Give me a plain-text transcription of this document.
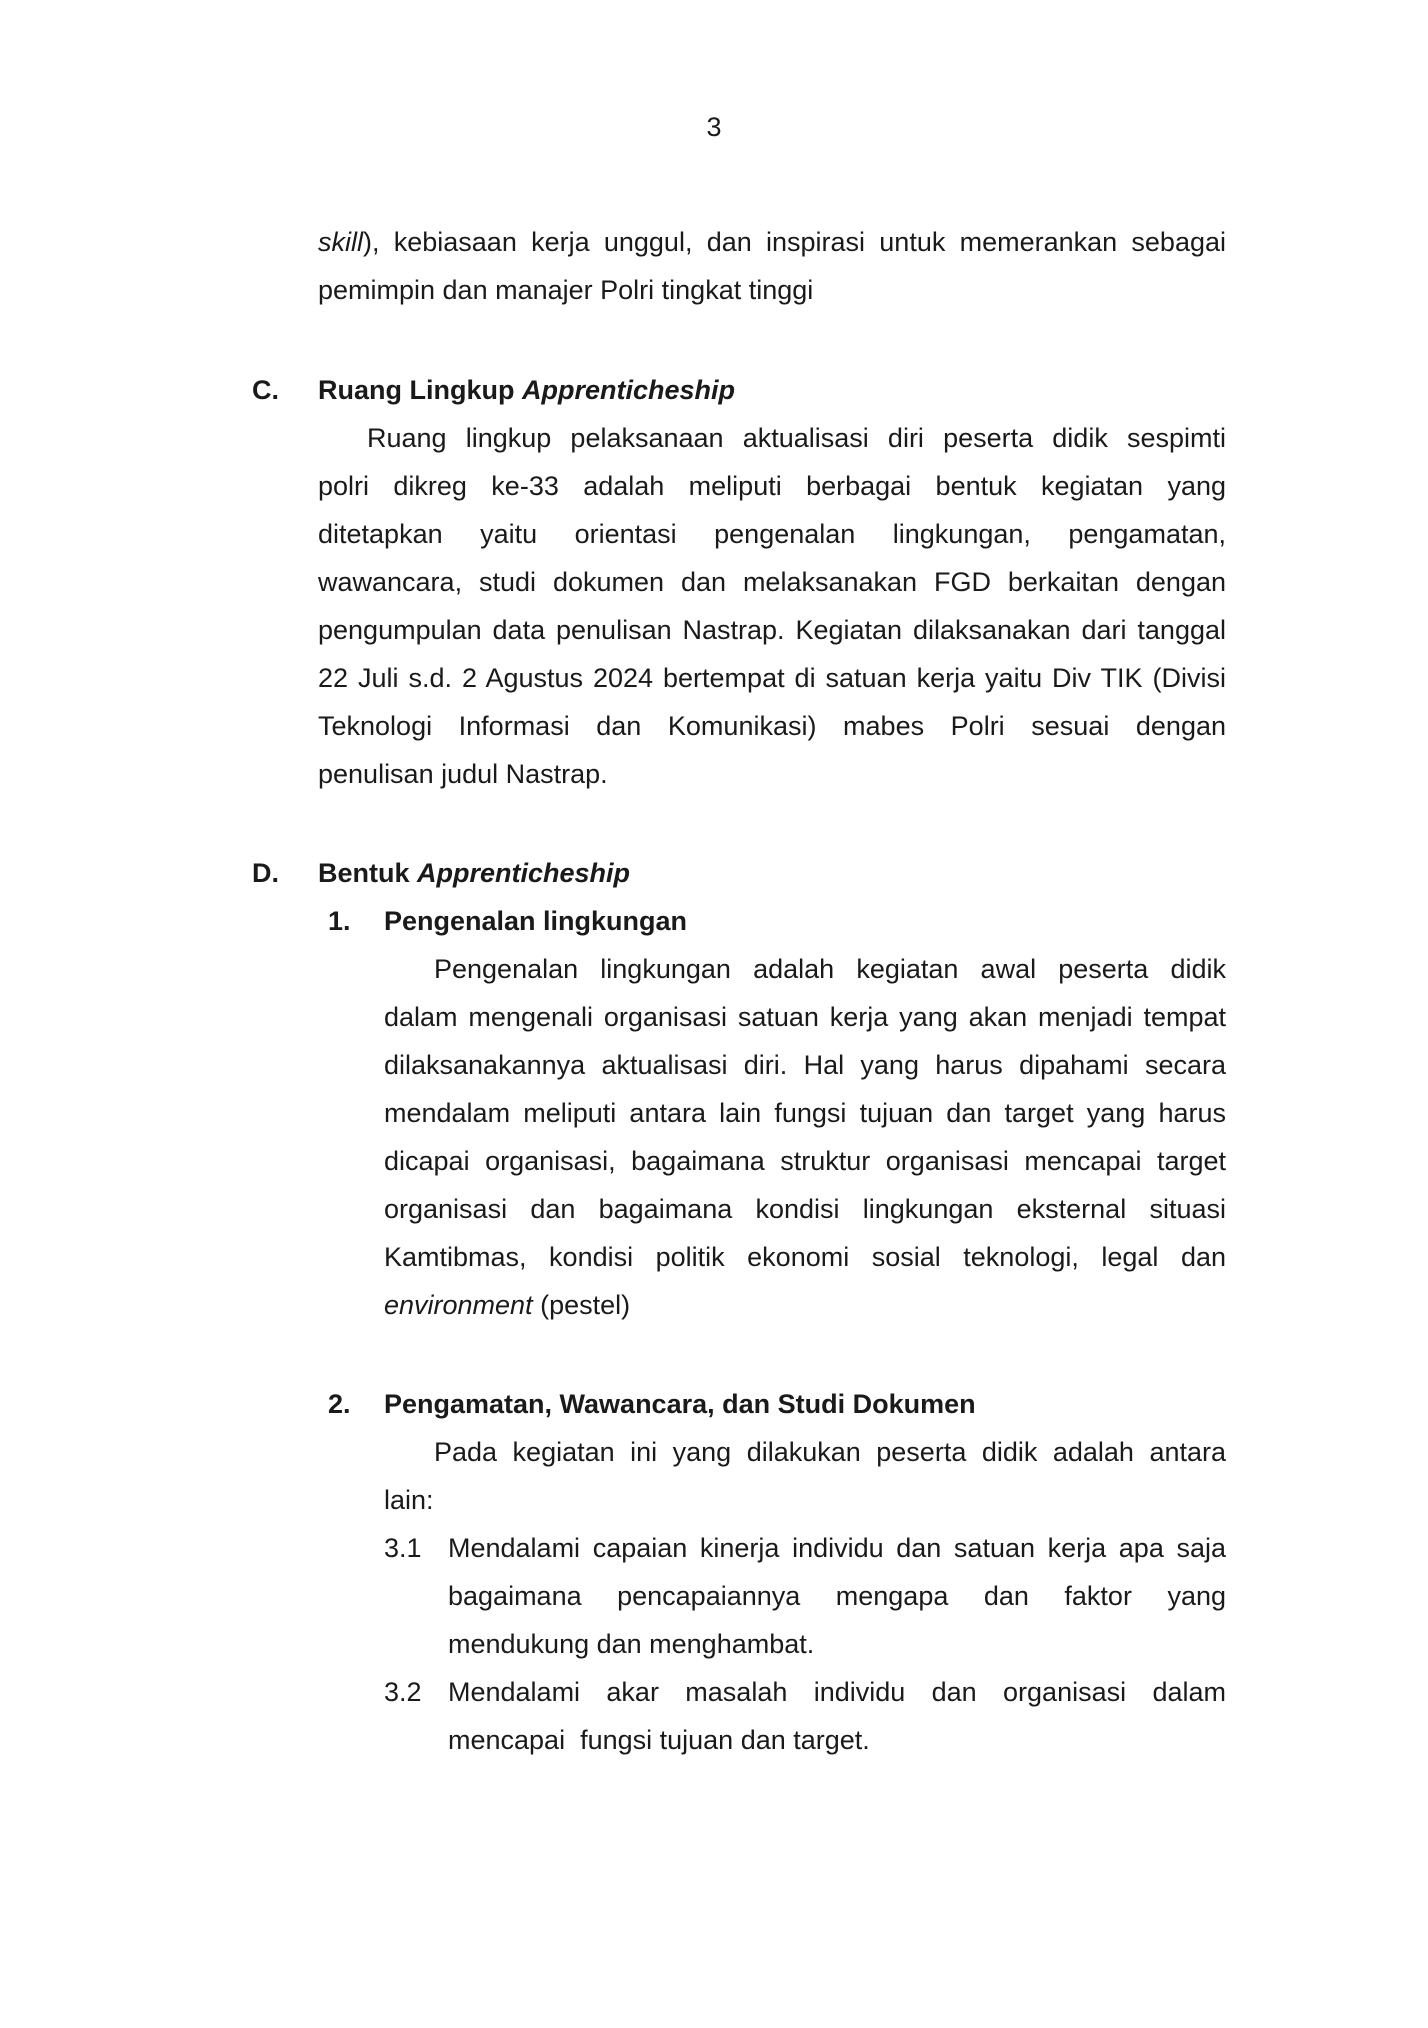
3
skill), kebiasaan kerja unggul, dan inspirasi untuk memerankan sebagai
pemimpin dan manajer Polri tingkat tinggi
C. Ruang Lingkup Apprenticheship
Ruang lingkup pelaksanaan aktualisasi diri peserta didik sespimti
polri dikreg ke-33 adalah meliputi berbagai bentuk kegiatan yang
ditetapkan yaitu orientasi pengenalan lingkungan, pengamatan,
wawancara, studi dokumen dan melaksanakan FGD berkaitan dengan
pengumpulan data penulisan Nastrap. Kegiatan dilaksanakan dari tanggal
22 Juli s.d. 2 Agustus 2024 bertempat di satuan kerja yaitu Div TIK (Divisi
Teknologi Informasi dan Komunikasi) mabes Polri sesuai dengan
penulisan judul Nastrap.
D. Bentuk Apprenticheship
1. Pengenalan lingkungan
Pengenalan lingkungan adalah kegiatan awal peserta didik
dalam mengenali organisasi satuan kerja yang akan menjadi tempat
dilaksanakannya aktualisasi diri. Hal yang harus dipahami secara
mendalam meliputi antara lain fungsi tujuan dan target yang harus
dicapai organisasi, bagaimana struktur organisasi mencapai target
organisasi dan bagaimana kondisi lingkungan eksternal situasi
Kamtibmas, kondisi politik ekonomi sosial teknologi, legal dan
environment (pestel)
2. Pengamatan, Wawancara, dan Studi Dokumen
Pada kegiatan ini yang dilakukan peserta didik adalah antara
lain:
3.1 Mendalami capaian kinerja individu dan satuan kerja apa saja
bagaimana pencapaiannya mengapa dan faktor yang
mendukung dan menghambat.
3.2 Mendalami akar masalah individu dan organisasi dalam
mencapai  fungsi tujuan dan target.
